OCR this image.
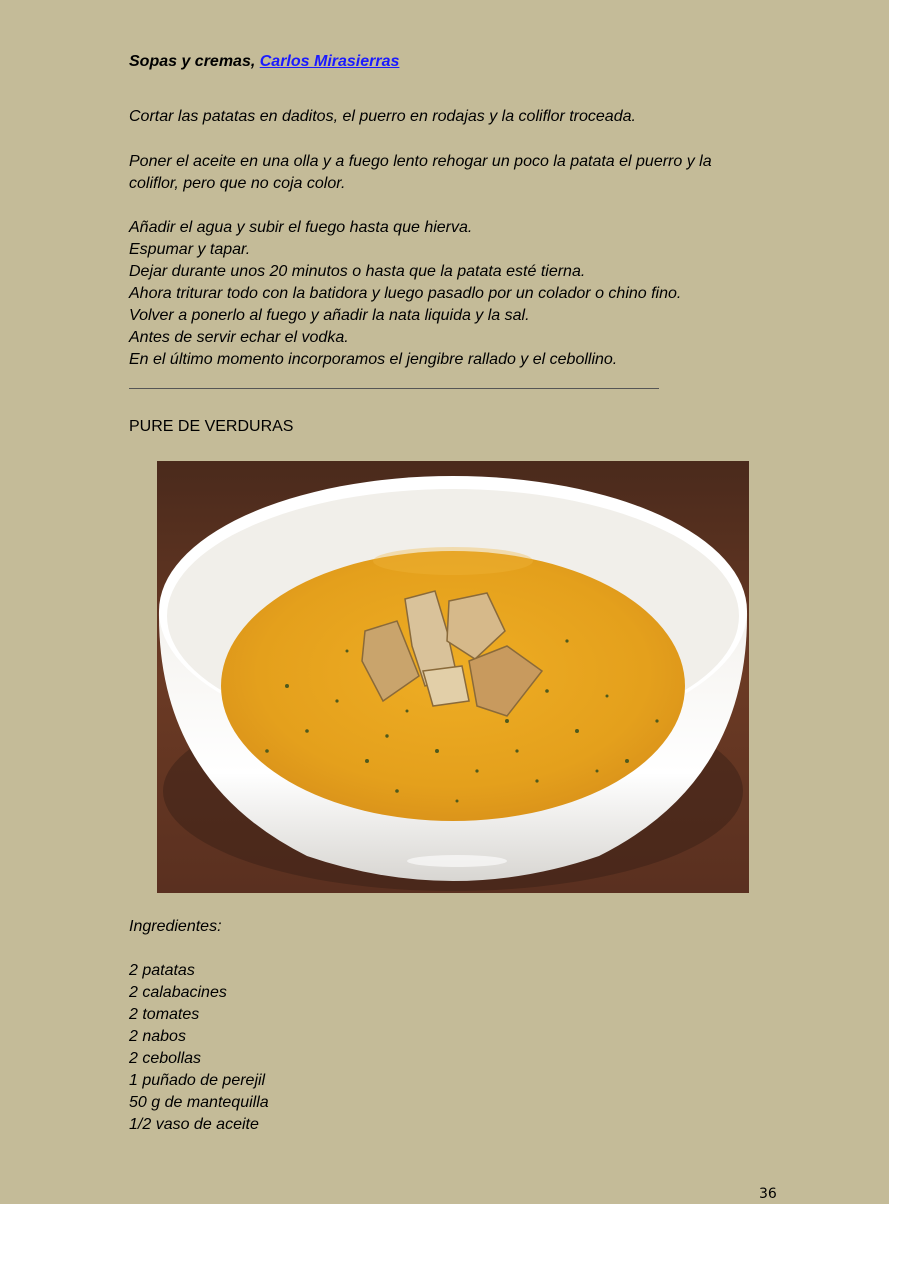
Sopas y cremas, Carlos Mirasierras
Cortar las patatas en daditos, el puerro en rodajas y la coliflor troceada.
Poner el aceite en una olla y a fuego lento rehogar un poco la patata el puerro y la
coliflor, pero que no coja color.
Añadir el agua y subir el fuego hasta que hierva.
Espumar y tapar.
Dejar durante unos 20 minutos o hasta que la patata esté tierna.
Ahora triturar todo con la batidora y luego pasadlo por un colador o chino fino.
Volver a ponerlo al fuego y añadir la nata liquida y la sal.
Antes de servir echar el vodka.
En el último momento incorporamos el jengibre rallado y el cebollino.
PURE DE VERDURAS
Ingredientes:
2 patatas
2 calabacines
2 tomates
2 nabos
2 cebollas
1 puñado de perejil
50 g de mantequilla
1/2 vaso de aceite
36
